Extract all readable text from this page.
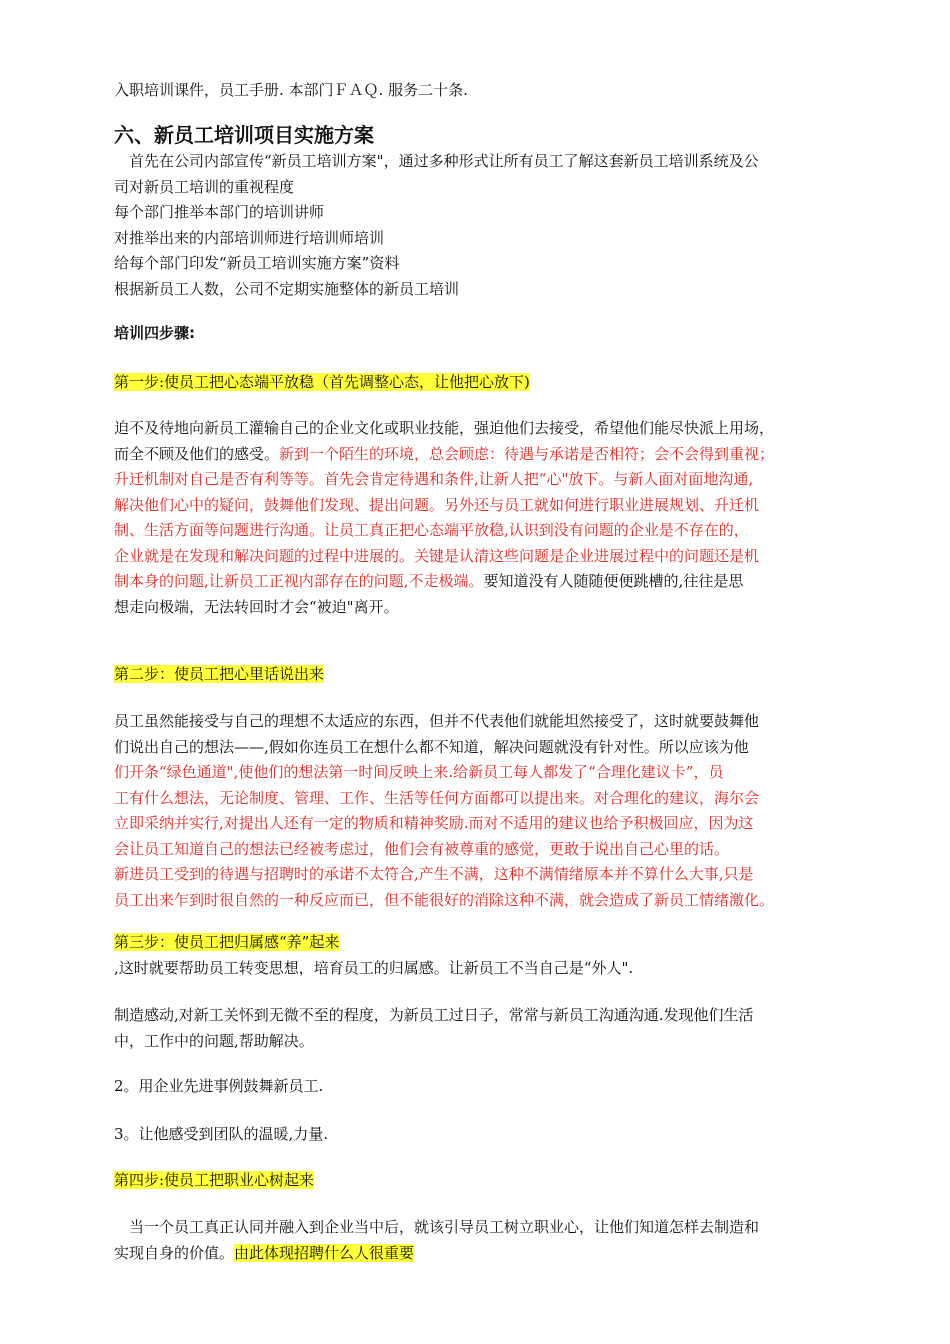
入职培训课件，员工手册. 本部门ＦＡＱ. 服务二十条.
六、新员工培训项目实施方案
首先在公司内部宣传“新员工培训方案"，通过多种形式让所有员工了解这套新员工培训系统及公
司对新员工培训的重视程度
每个部门推举本部门的培训讲师
对推举出来的内部培训师进行培训师培训
给每个部门印发“新员工培训实施方案”资料
根据新员工人数，公司不定期实施整体的新员工培训
培训四步骤:
第一步:使员工把心态端平放稳（首先调整心态，让他把心放下)
迫不及待地向新员工灌输自己的企业文化或职业技能，强迫他们去接受，希望他们能尽快派上用场，
而全不顾及他们的感受。新到一个陌生的环境，总会顾虑：待遇与承诺是否相符；会不会得到重视；
升迁机制对自己是否有利等等。首先会肯定待遇和条件,让新人把“心"放下。与新人面对面地沟通,
解决他们心中的疑问，鼓舞他们发现、提出问题。另外还与员工就如何进行职业进展规划、升迁机
制、生活方面等问题进行沟通。让员工真正把心态端平放稳,认识到没有问题的企业是不存在的，
企业就是在发现和解决问题的过程中进展的。关键是认清这些问题是企业进展过程中的问题还是机
制本身的问题,让新员工正视内部存在的问题,不走极端。要知道没有人随随便便跳槽的,往往是思
想走向极端，无法转回时才会“被迫"离开。
第二步：使员工把心里话说出来
员工虽然能接受与自己的理想不太适应的东西，但并不代表他们就能坦然接受了，这时就要鼓舞他
们说出自己的想法——,假如你连员工在想什么都不知道，解决问题就没有针对性。所以应该为他
们开条“绿色通道",使他们的想法第一时间反映上来.给新员工每人都发了“合理化建议卡”，员
工有什么想法，无论制度、管理、工作、生活等任何方面都可以提出来。对合理化的建议，海尔会
立即采纳并实行,对提出人还有一定的物质和精神奖励.而对不适用的建议也给予积极回应，因为这
会让员工知道自己的想法已经被考虑过，他们会有被尊重的感觉，更敢于说出自己心里的话。
新进员工受到的待遇与招聘时的承诺不太符合,产生不满，这种不满情绪原本并不算什么大事,只是
员工出来乍到时很自然的一种反应而已，但不能很好的消除这种不满，就会造成了新员工情绪激化。
第三步：使员工把归属感“养”起来
,这时就要帮助员工转变思想，培育员工的归属感。让新员工不当自己是“外人".
制造感动,对新工关怀到无微不至的程度，为新员工过日子，常常与新员工沟通沟通.发现他们生活
中，工作中的问题,帮助解决。
2。用企业先进事例鼓舞新员工.
3。让他感受到团队的温暖,力量.
第四步:使员工把职业心树起来
当一个员工真正认同并融入到企业当中后，就该引导员工树立职业心，让他们知道怎样去制造和
实现自身的价值。由此体现招聘什么人很重要
